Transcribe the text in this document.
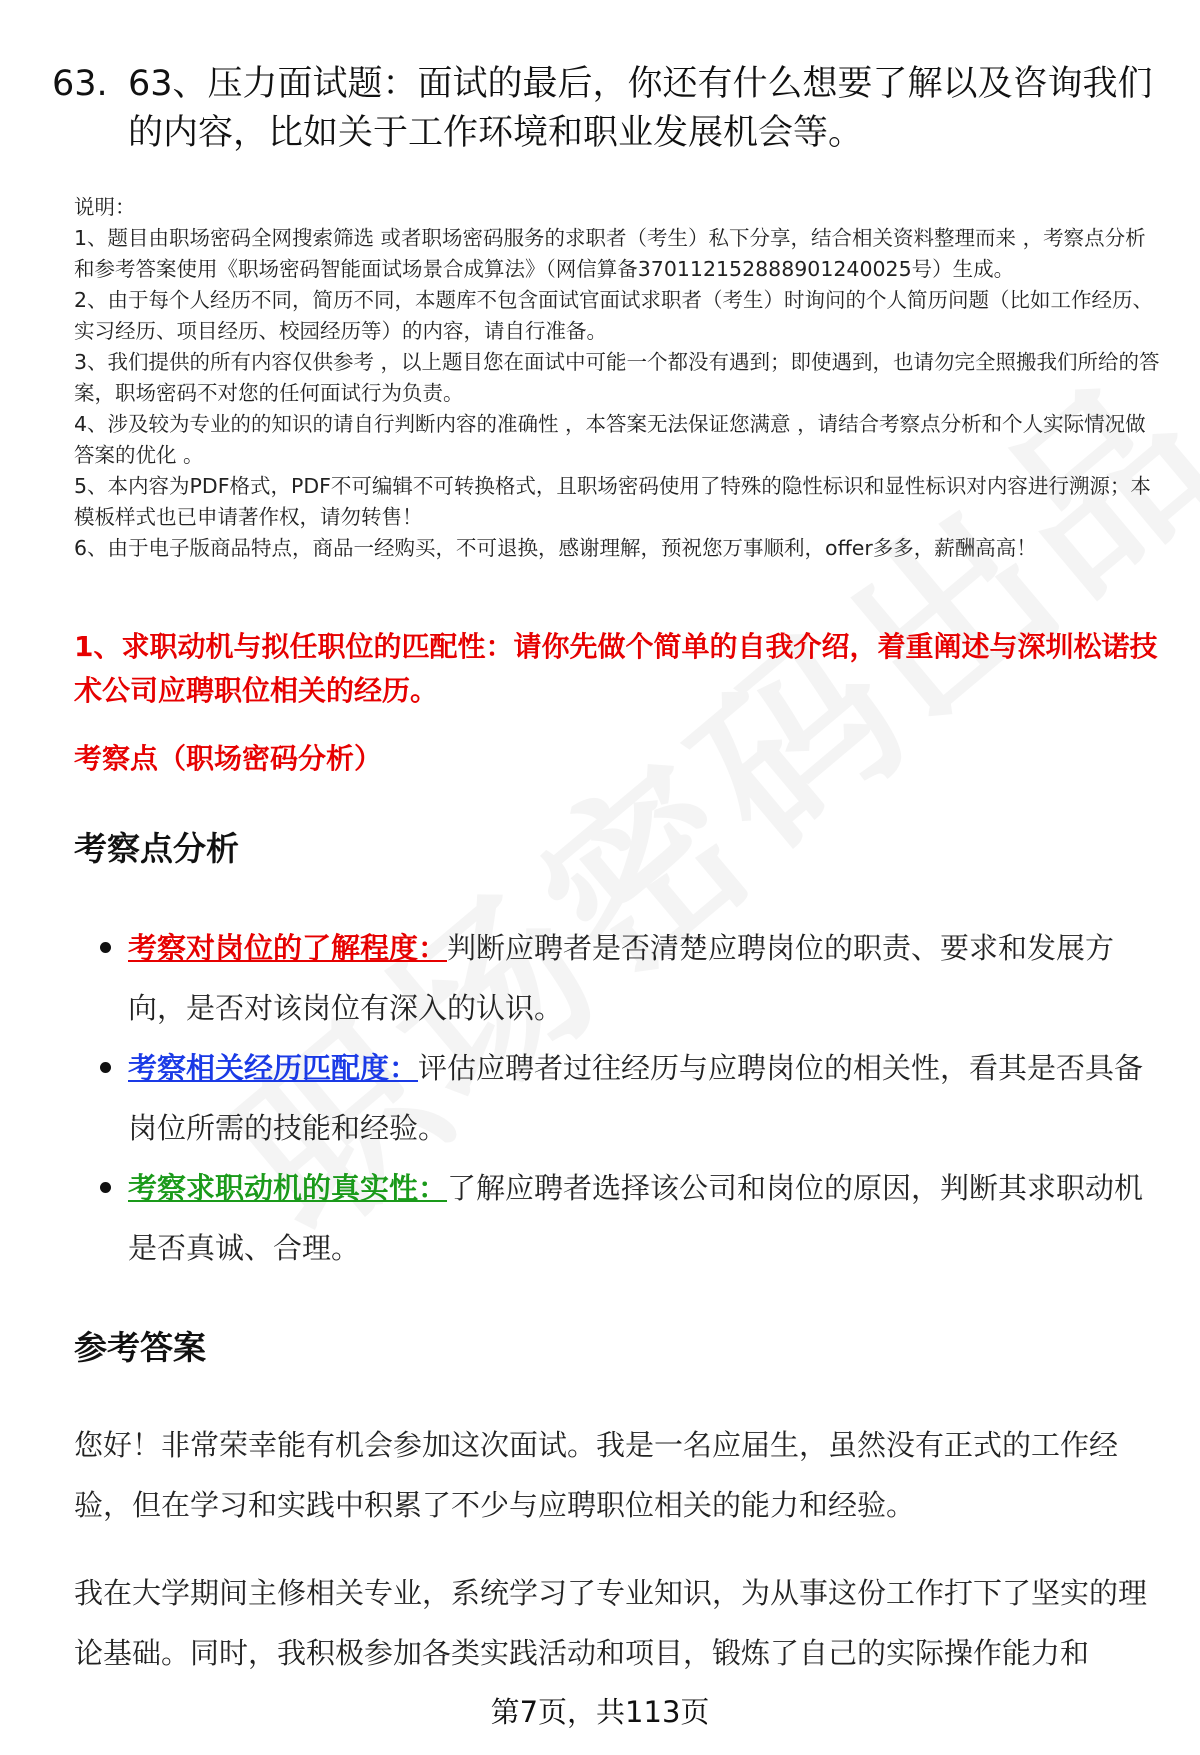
63. 63、压力面试题：面试的最后，你还有什么想要了解以及咨询我们的内容，比如关于工作环境和职业发展机会等。

说明：

1、题目由职场密码全网搜索筛选 或者职场密码服务的求职者（考生）私下分享，结合相关资料整理而来 ，考察点分析和参考答案使用《职场密码智能面试场景合成算法》（网信算备370112152888901240025号）生成。

2、由于每个人经历不同，简历不同，本题库不包含面试官面试求职者（考生）时询问的个人简历问题（比如工作经历、实习经历、项目经历、校园经历等）的内容，请自行准备。

3、我们提供的所有内容仅供参考 ，以上题目您在面试中可能一个都没有遇到；即使遇到，也请勿完全照搬我们所给的答案，职场密码不对您的任何面试行为负责。

4、涉及较为专业的的知识的请自行判断内容的准确性 ，本答案无法保证您满意 ，请结合考察点分析和个人实际情况做答案的优化 。

5、本内容为PDF格式，PDF不可编辑不可转换格式，且职场密码使用了特殊的隐性标识和显性标识对内容进行溯源；本模板样式也已申请著作权，请勿转售！

6、由于电子版商品特点，商品一经购买，不可退换，感谢理解，预祝您万事顺利，offer多多，薪酬高高！

1、求职动机与拟任职位的匹配性：请你先做个简单的自我介绍，着重阐述与深圳松诺技术公司应聘职位相关的经历。
考察点（职场密码分析）
考察点分析
考察对岗位的了解程度：判断应聘者是否清楚应聘岗位的职责、要求和发展方向，是否对该岗位有深入的认识。
考察相关经历匹配度：评估应聘者过往经历与应聘岗位的相关性，看其是否具备岗位所需的技能和经验。
考察求职动机的真实性：了解应聘者选择该公司和岗位的原因，判断其求职动机是否真诚、合理。
参考答案
您好！非常荣幸能有机会参加这次面试。我是一名应届生，虽然没有正式的工作经验，但在学习和实践中积累了不少与应聘职位相关的能力和经验。
我在大学期间主修相关专业，系统学习了专业知识，为从事这份工作打下了坚实的理论基础。同时，我积极参加各类实践活动和项目，锻炼了自己的实际操作能力和
第7页，共113页
